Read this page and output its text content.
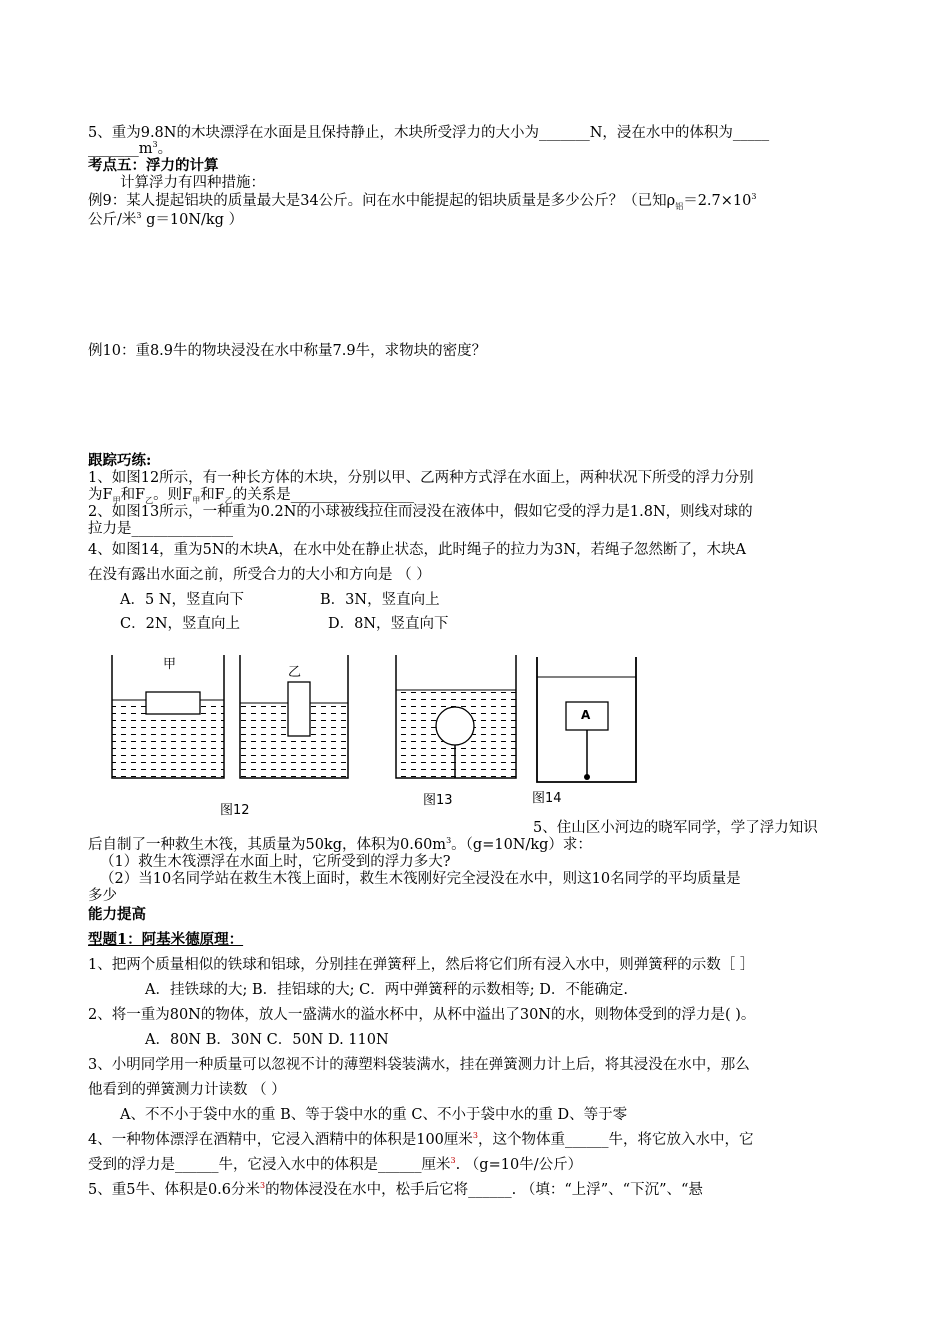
5、重为9.8N的木块漂浮在水面是且保持静止，木块所受浮力的大小为_______N，浸在水中的体积为_____
$\_\_\_\_\_\_\_m^3$。
考点五：浮力的计算
计算浮力有四种措施：
例9：某人提起铝块的质量最大是34公斤。问在水中能提起的铝块质量是多少公斤？（已知$\rho_铝=2.7\times 10^3$
公斤/米$^3$ g＝10N/kg ）
例10：重8.9牛的物块浸没在水中称量7.9牛，求物块的密度？
跟踪巧练:
1、如图12所示，有一种长方体的木块，分别以甲、乙两种方式浮在水面上，两种状况下所受的浮力分别
为$F_甲$和$F_乙$。则$F_甲$和$F_乙$的关系是_________________
2、如图13所示，一种重为0.2N的小球被线拉住而浸没在液体中，假如它受的浮力是1.8N，则线对球的
拉力是______________
4、如图14，重为5N的木块A，在水中处在静止状态，此时绳子的拉力为3N，若绳子忽然断了，木块A
在没有露出水面之前，所受合力的大小和方向是 （ ）
A．5 N，竖直向下	B．3N，竖直向上
C．2N，竖直向上	D．8N，竖直向下
甲
乙
A
图12
图13	图14
5、住山区小河边的晓军同学，学了浮力知识
后自制了一种救生木筏，其质量为50kg，体积为$0.60m^3$。（g=10N/kg）求：
（1）救生木筏漂浮在水面上时，它所受到的浮力多大?
（2）当10名同学站在救生木筏上面时，救生木筏刚好完全浸没在水中，则这10名同学的平均质量是
多少
能力提高
型题1：阿基米德原理：
1、把两个质量相似的铁球和铝球，分别挂在弹簧秤上，然后将它们所有浸入水中，则弹簧秤的示数［ ］
A．挂铁球的大; B．挂铝球的大; C．两中弹簧秤的示数相等; D．不能确定.
2、将一重为80N的物体，放人一盛满水的溢水杯中，从杯中溢出了30N的水，则物体受到的浮力是( )。
A．80N B．30N C．50N D. 110N
3、小明同学用一种质量可以忽视不计的薄塑料袋装满水，挂在弹簧测力计上后，将其浸没在水中，那么
他看到的弹簧测力计读数 （ ）
A、不不小于袋中水的重 B、等于袋中水的重 C、不小于袋中水的重 D、等于零
4、一种物体漂浮在酒精中，它浸入酒精中的体积是100厘米$^3$，这个物体重______牛，将它放入水中，它
受到的浮力是______牛，它浸入水中的体积是______厘米$^3$. （g=10牛/公斤）
5、重5牛、体积是0.6分米$^3$的物体浸没在水中，松手后它将______. （填：“上浮”、“下沉”、“悬
